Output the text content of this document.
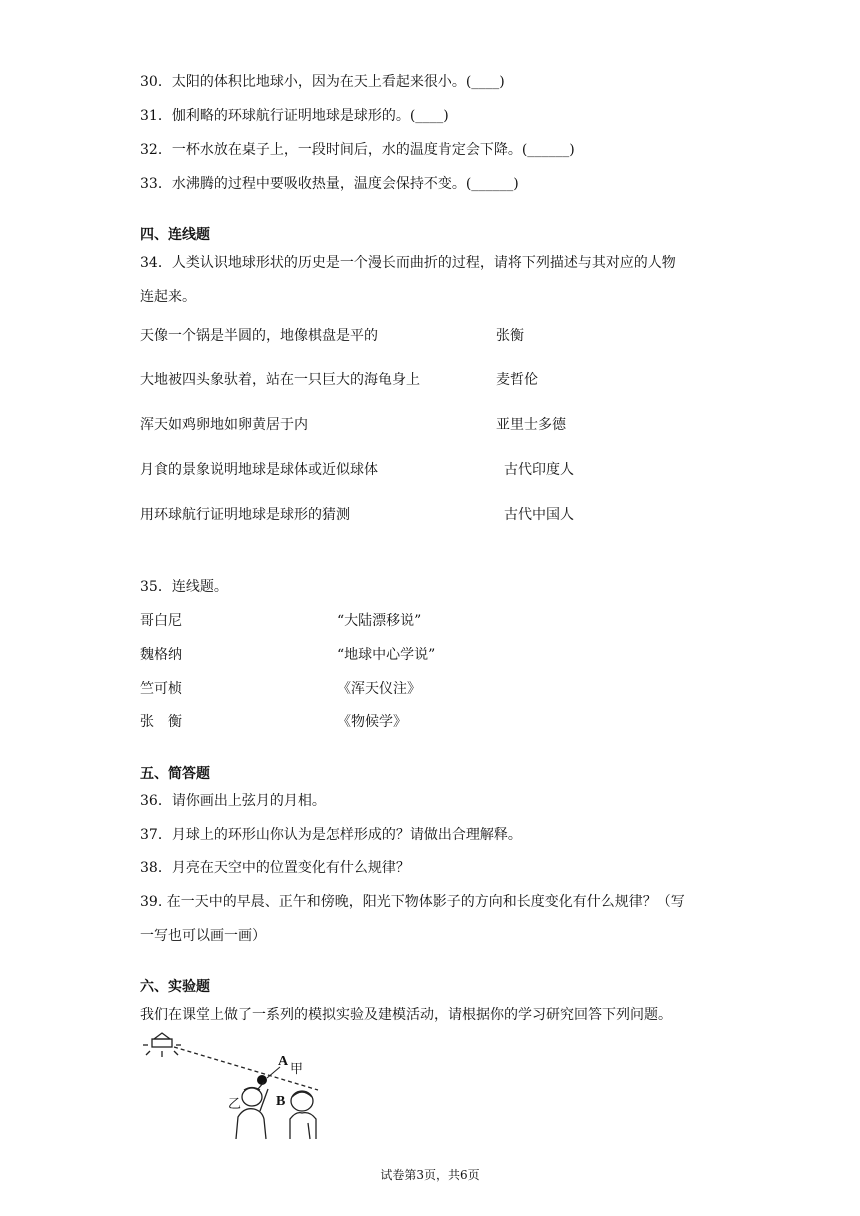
30．太阳的体积比地球小，因为在天上看起来很小。(____)
31．伽利略的环球航行证明地球是球形的。(____)
32．一杯水放在桌子上，一段时间后，水的温度肯定会下降。(______)
33．水沸腾的过程中要吸收热量，温度会保持不变。(______)
四、连线题
34．人类认识地球形状的历史是一个漫长而曲折的过程，请将下列描述与其对应的人物
连起来。
天像一个锅是半圆的，地像棋盘是平的	张衡
大地被四头象驮着，站在一只巨大的海龟身上	麦哲伦
浑天如鸡卵地如卵黄居于内	亚里士多德
月食的景象说明地球是球体或近似球体	古代印度人
用环球航行证明地球是球形的猜测	古代中国人
35．连线题。
哥白尼	“大陆漂移说”
魏格纳	“地球中心学说”
竺可桢	《浑天仪注》
张　衡	《物候学》
五、简答题
36．请你画出上弦月的月相。
37．月球上的环形山你认为是怎样形成的？请做出合理解释。
38．月亮在天空中的位置变化有什么规律？
39. 在一天中的早晨、正午和傍晚，阳光下物体影子的方向和长度变化有什么规律？（写
一写也可以画一画）
六、实验题
我们在课堂上做了一系列的模拟实验及建模活动，请根据你的学习研究回答下列问题。
A
甲
乙 B
试卷第3页，共6页
